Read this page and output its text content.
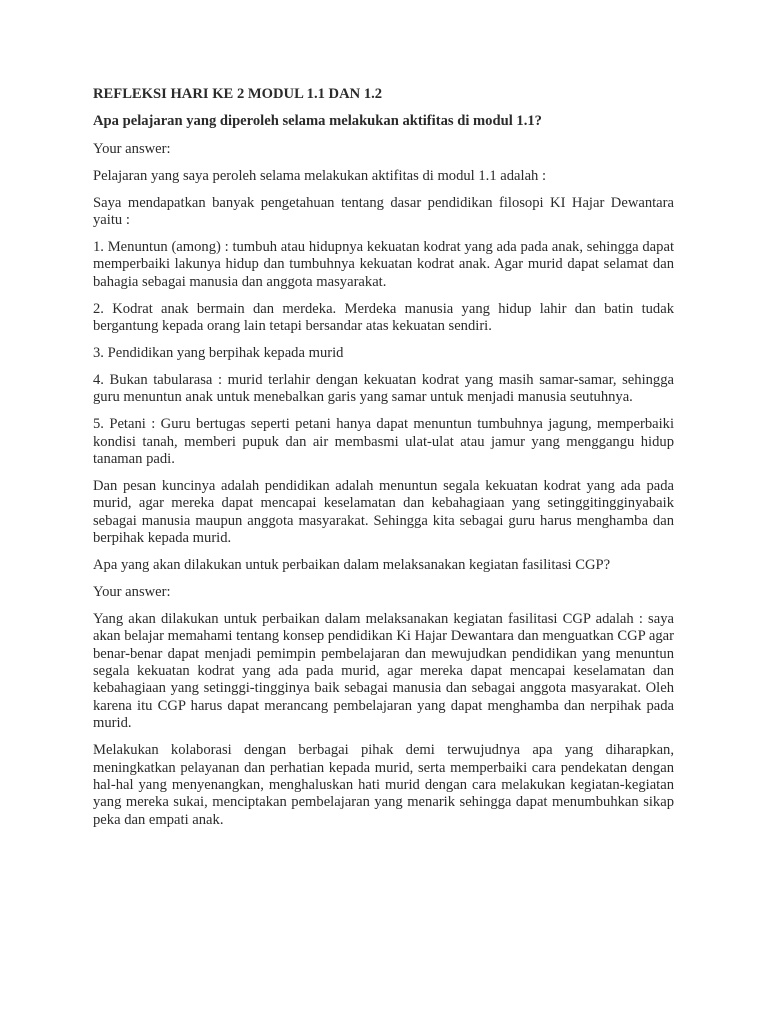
REFLEKSI HARI KE 2 MODUL 1.1 DAN 1.2

Apa pelajaran yang diperoleh selama melakukan aktifitas di modul 1.1?

Your answer:

Pelajaran yang saya peroleh selama melakukan aktifitas di modul 1.1 adalah :

Saya mendapatkan banyak pengetahuan tentang dasar pendidikan filosopi KI Hajar Dewantara yaitu :

1. Menuntun (among) : tumbuh atau hidupnya kekuatan kodrat yang ada pada anak, sehingga dapat memperbaiki lakunya hidup dan tumbuhnya kekuatan kodrat anak. Agar murid dapat selamat dan bahagia sebagai manusia dan anggota masyarakat.

2. Kodrat anak bermain dan merdeka. Merdeka manusia yang hidup lahir dan batin tudak bergantung kepada orang lain tetapi bersandar atas kekuatan sendiri.

3. Pendidikan yang berpihak kepada murid

4. Bukan tabularasa : murid terlahir dengan kekuatan kodrat yang masih samar-samar, sehingga guru menuntun anak untuk menebalkan garis yang samar untuk menjadi manusia seutuhnya.

5. Petani : Guru bertugas seperti petani hanya dapat menuntun tumbuhnya jagung, memperbaiki kondisi tanah, memberi pupuk dan air membasmi ulat-ulat atau jamur yang menggangu hidup tanaman padi.

Dan pesan kuncinya adalah pendidikan adalah menuntun segala kekuatan kodrat yang ada pada murid, agar mereka dapat mencapai keselamatan dan kebahagiaan yang setinggitingginyabaik sebagai manusia maupun anggota masyarakat. Sehingga kita sebagai guru harus menghamba dan berpihak kepada murid.

Apa yang akan dilakukan untuk perbaikan dalam melaksanakan kegiatan fasilitasi CGP?

Your answer:

Yang akan dilakukan untuk perbaikan dalam melaksanakan kegiatan fasilitasi CGP adalah : saya akan belajar memahami tentang konsep pendidikan Ki Hajar Dewantara dan menguatkan CGP agar benar-benar dapat menjadi pemimpin pembelajaran dan mewujudkan pendidikan yang menuntun segala kekuatan kodrat yang ada pada murid, agar mereka dapat mencapai keselamatan dan kebahagiaan yang setinggi-tingginya baik sebagai manusia dan sebagai anggota masyarakat. Oleh karena itu CGP harus dapat merancang pembelajaran yang dapat menghamba dan nerpihak pada murid.

Melakukan kolaborasi dengan berbagai pihak demi terwujudnya apa yang diharapkan, meningkatkan pelayanan dan perhatian kepada murid, serta memperbaiki cara pendekatan dengan hal-hal yang menyenangkan, menghaluskan hati murid dengan cara melakukan kegiatan-kegiatan yang mereka sukai, menciptakan pembelajaran yang menarik sehingga dapat menumbuhkan sikap peka dan empati anak.
